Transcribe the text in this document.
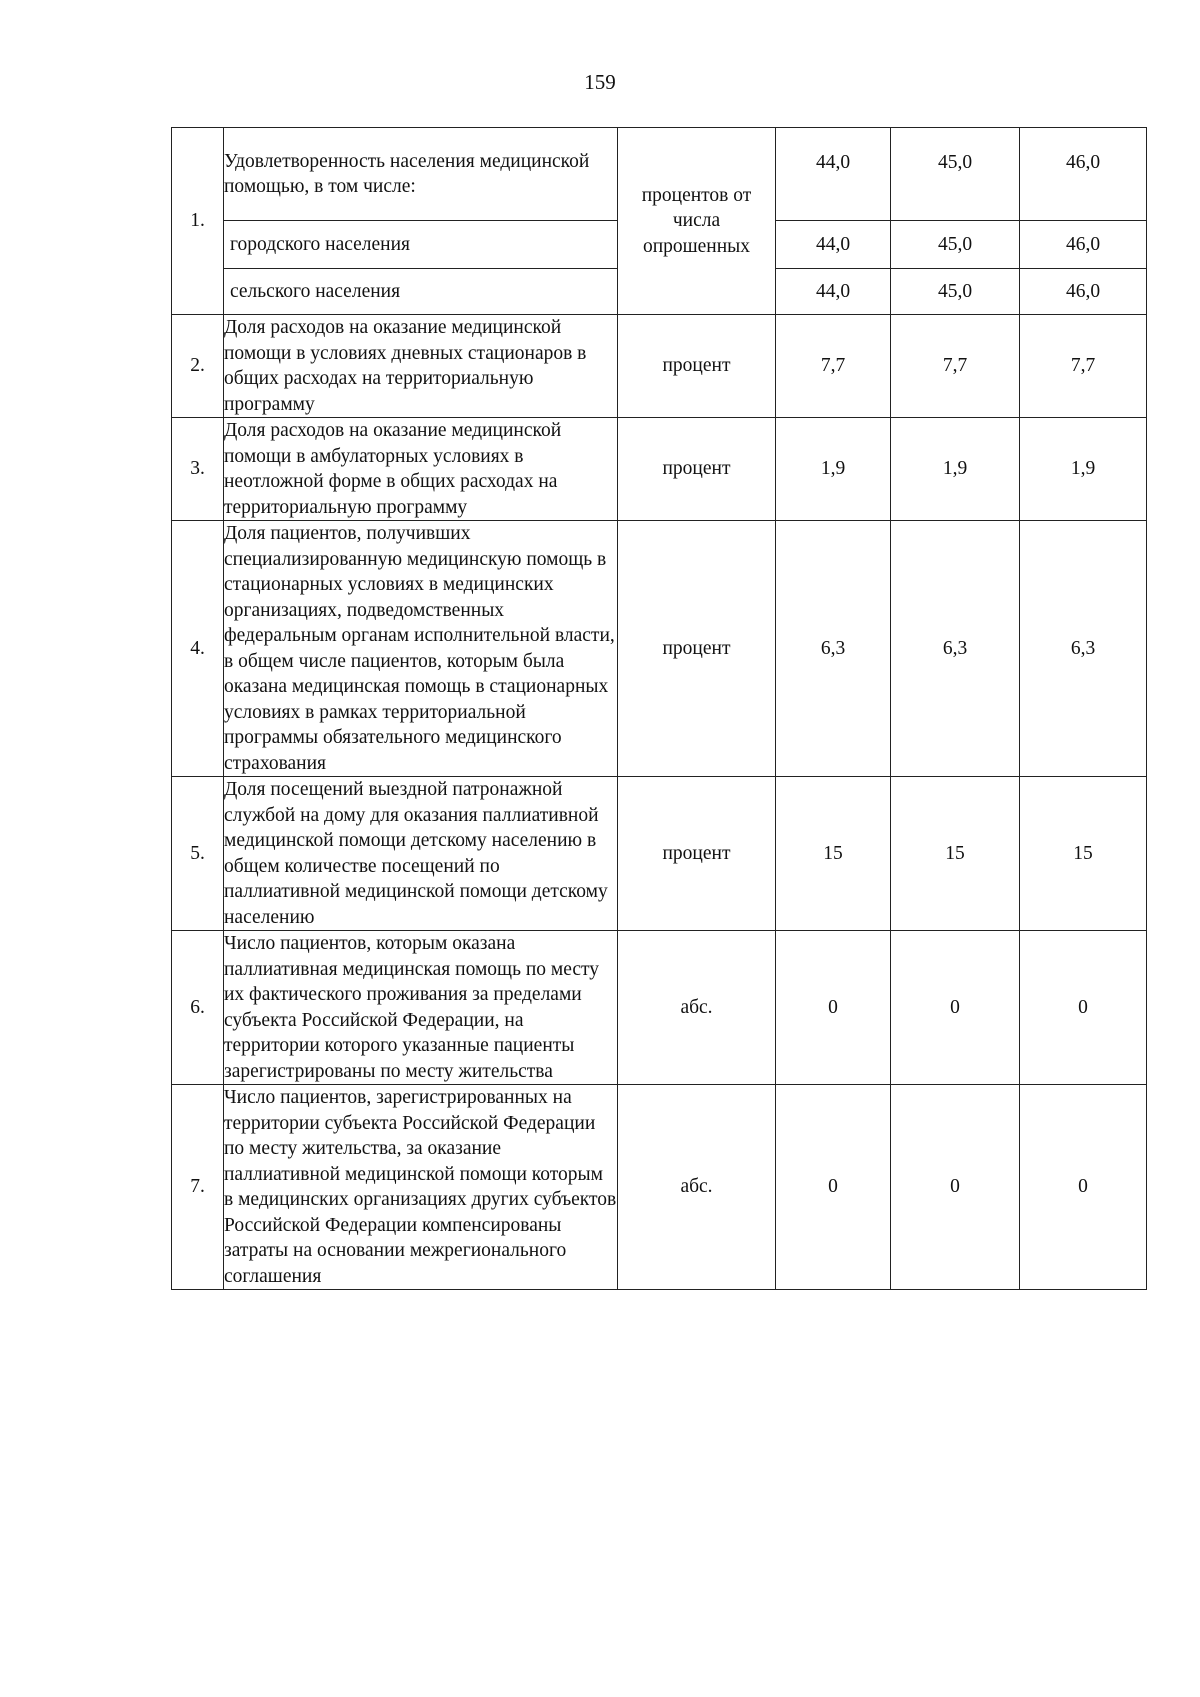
159
1.	Удовлетворенность населения медицинской помощью, в том числе:	процентов от числа опрошенных	44,0	45,0	46,0
	городского населения		44,0	45,0	46,0
	сельского населения		44,0	45,0	46,0
2.	Доля расходов на оказание медицинской помощи в условиях дневных стационаров в общих расходах на территориальную программу	процент	7,7	7,7	7,7
3.	Доля расходов на оказание медицинской помощи в амбулаторных условиях в неотложной форме в общих расходах на территориальную программу	процент	1,9	1,9	1,9
4.	Доля пациентов, получивших специализированную медицинскую помощь в стационарных условиях в медицинских организациях, подведомственных федеральным органам исполнительной власти, в общем числе пациентов, которым была оказана медицинская помощь в стационарных условиях в рамках территориальной программы обязательного медицинского страхования	процент	6,3	6,3	6,3
5.	Доля посещений выездной патронажной службой на дому для оказания паллиативной медицинской помощи детскому населению в общем количестве посещений по паллиативной медицинской помощи детскому населению	процент	15	15	15
6.	Число пациентов, которым оказана паллиативная медицинская помощь по месту их фактического проживания за пределами субъекта Российской Федерации, на территории которого указанные пациенты зарегистрированы по месту жительства	абс.	0	0	0
7.	Число пациентов, зарегистрированных на территории субъекта Российской Федерации по месту жительства, за оказание паллиативной медицинской помощи которым в медицинских организациях других субъектов Российской Федерации компенсированы затраты на основании межрегионального соглашения	абс.	0	0	0
